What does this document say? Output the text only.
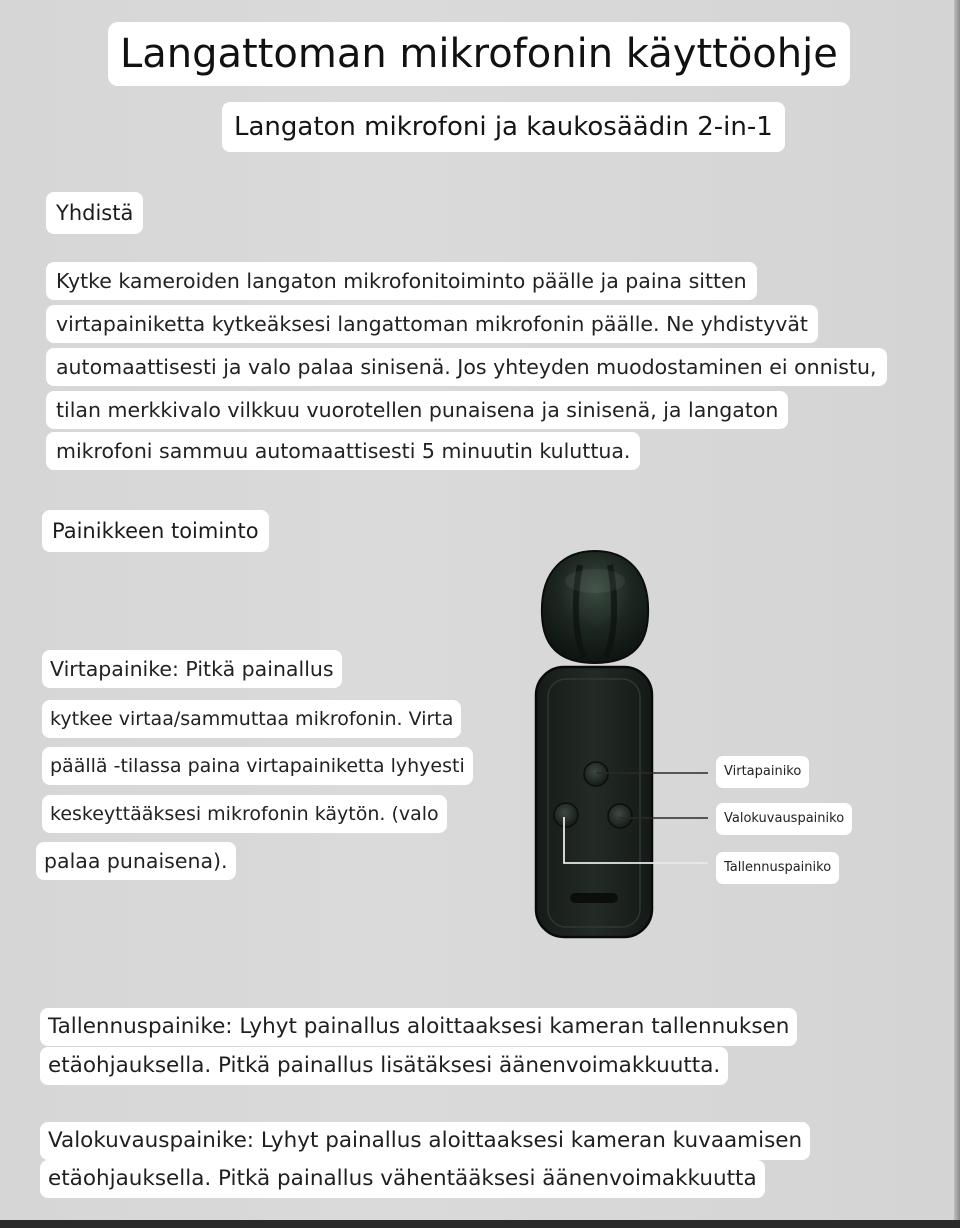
Langattoman mikrofonin käyttöohje
Langaton mikrofoni ja kaukosäädin 2-in-1
Yhdistä
Kytke kameroiden langaton mikrofonitoiminto päälle ja paina sitten
virtapainiketta kytkeäksesi langattoman mikrofonin päälle. Ne yhdistyvät
automaattisesti ja valo palaa sinisenä. Jos yhteyden muodostaminen ei onnistu,
tilan merkkivalo vilkkuu vuorotellen punaisena ja sinisenä, ja langaton
mikrofoni sammuu automaattisesti 5 minuutin kuluttua.
Painikkeen toiminto
Virtapainike: Pitkä painallus
kytkee virtaa/sammuttaa mikrofonin. Virta
päällä -tilassa paina virtapainiketta lyhyesti
keskeyttääksesi mikrofonin käytön. (valo
palaa punaisena).
Virtapainiko
Valokuvauspainiko
Tallennuspainiko
Tallennuspainike: Lyhyt painallus aloittaaksesi kameran tallennuksen
etäohjauksella. Pitkä painallus lisätäksesi äänenvoimakkuutta.
Valokuvauspainike: Lyhyt painallus aloittaaksesi kameran kuvaamisen
etäohjauksella. Pitkä painallus vähentääksesi äänenvoimakkuutta
